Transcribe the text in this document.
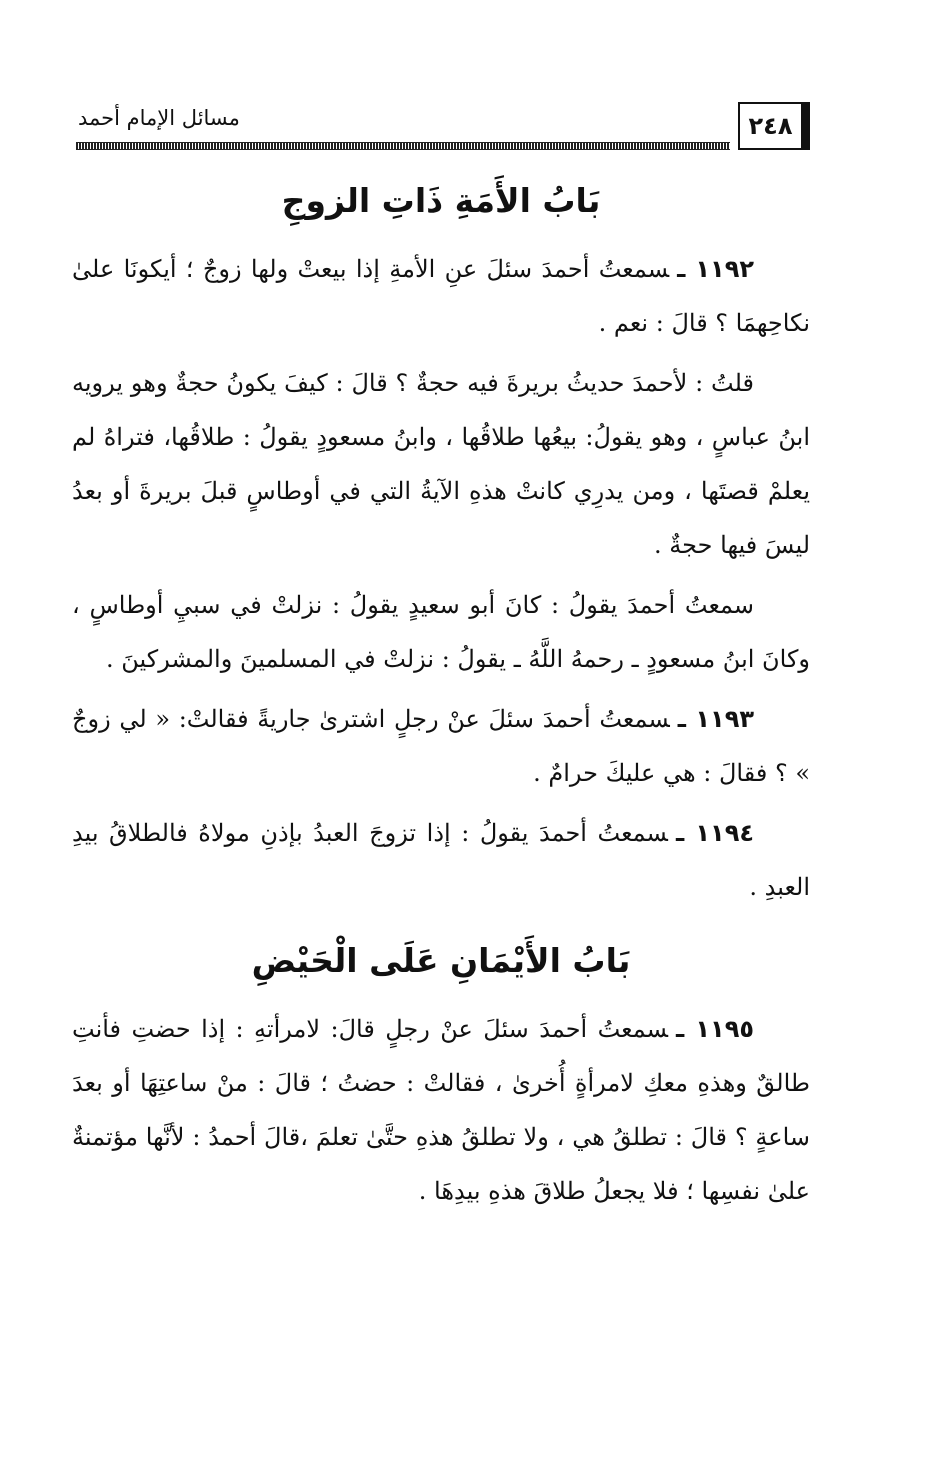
مسائل الإمام أحمد	٢٤٨
بَابُ الأَمَةِ ذَاتِ الزوجِ

١١٩٢ ـسمعتُ أحمدَ سئلَ عنِ الأمةِ إذا بيعتْ ولها زوجٌ ؛ أيكونَا علىٰ نكاحِهمَا ؟ قالَ : نعم .

قلتُ : لأحمدَ حديثُ بريرةَ فيه حجةٌ ؟ قالَ : كيفَ يكونُ حجةٌ وهو يرويه ابنُ عباسٍ ، وهو يقولُ: بيعُها طلاقُها ، وابنُ مسعودٍ يقولُ : طلاقُها، فتراهُ لم يعلمْ قصتَها ، ومن يدرِي كانتْ هذهِ الآيةُ التي في أوطاسٍ قبلَ بريرةَ أو بعدُ ليسَ فيها حجةٌ .

سمعتُ أحمدَ يقولُ : كانَ أبو سعيدٍ يقولُ : نزلتْ في سبيِ أوطاسٍ ، وكانَ ابنُ مسعودٍ ـ رحمهُ اللَّهُ ـ يقولُ : نزلتْ في المسلمينَ والمشركينَ .

١١٩٣ ـسمعتُ أحمدَ سئلَ عنْ رجلٍ اشترىٰ جاريةً فقالتْ: « لي زوجٌ » ؟ فقالَ : هي عليكَ حرامٌ .

١١٩٤ ـسمعتُ أحمدَ يقولُ : إذا تزوجَ العبدُ بإذنِ مولاهُ فالطلاقُ بيدِ العبدِ .

بَابُ الأَيْمَانِ عَلَى الْحَيْضِ

١١٩٥ ـسمعتُ أحمدَ سئلَ عنْ رجلٍ قالَ: لامرأتهِ : إذا حضتِ فأنتِ طالقٌ وهذهِ معكِ لامرأةٍ أُخرىٰ ، فقالتْ : حضتُ ؛ قالَ : منْ ساعتِهَا أو بعدَ ساعةٍ ؟ قالَ : تطلقُ هي ، ولا تطلقُ هذهِ حتَّىٰ تعلمَ ،قالَ أحمدُ : لأنَّها مؤتمنةٌ علىٰ نفسِها ؛ فلا يجعلُ طلاقَ هذهِ بيدِهَا .
